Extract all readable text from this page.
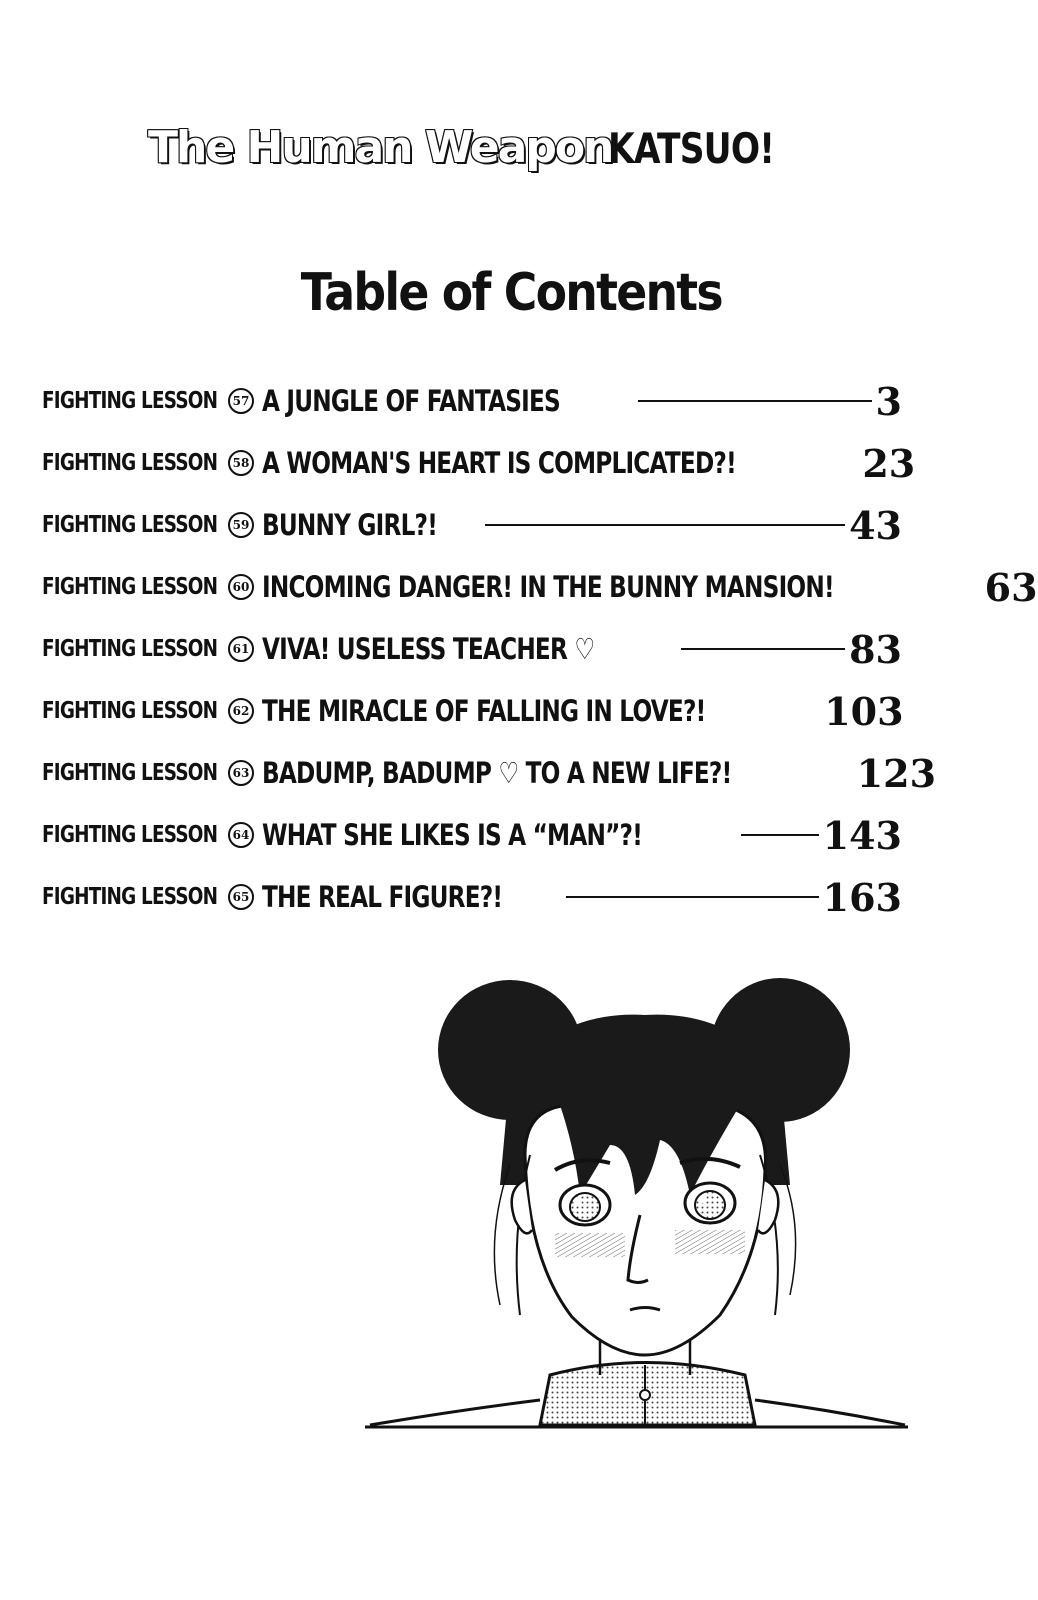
The Human Weapon
KATSUO!
Table of Contents
FIGHTING LESSON	57 A JUNGLE OF FANTASIES	3
FIGHTING LESSON	58 A WOMAN'S HEART IS COMPLICATED?!	23
FIGHTING LESSON	59 BUNNY GIRL?!	43
FIGHTING LESSON	60 INCOMING DANGER! IN THE BUNNY MANSION!	63
FIGHTING LESSON	61 VIVA! USELESS TEACHER ♡	83
FIGHTING LESSON	62 THE MIRACLE OF FALLING IN LOVE?!	103
FIGHTING LESSON	63 BADUMP, BADUMP ♡ TO A NEW LIFE?!	123
FIGHTING LESSON	64 WHAT SHE LIKES IS A “MAN”?!	143
FIGHTING LESSON	65 THE REAL FIGURE?!	163
